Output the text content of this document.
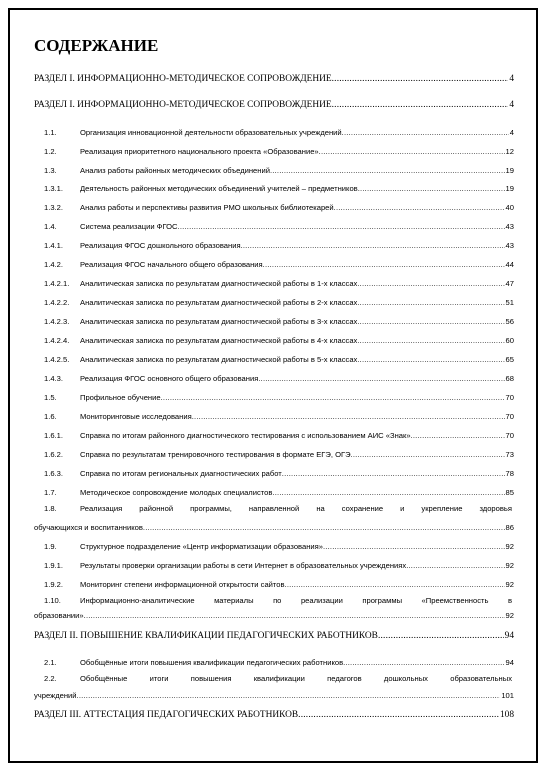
СОДЕРЖАНИЕ
РАЗДЕЛ I. ИНФОРМАЦИОННО-МЕТОДИЧЕСКОЕ СОПРОВОЖДЕНИЕ .....	4
РАЗДЕЛ I. ИНФОРМАЦИОННО-МЕТОДИЧЕСКОЕ СОПРОВОЖДЕНИЕ .....	4
1.1.	Организация инновационной деятельности образовательных учреждений .....	4
1.2.	Реализация приоритетного национального проекта «Образование» .....	12
1.3.	Анализ работы районных методических объединений .....	19
1.3.1.	Деятельность районных методических объединений учителей – предметников .....	19
1.3.2.	Анализ работы и перспективы развития РМО школьных библиотекарей .....	40
1.4.	Система реализации ФГОС .....	43
1.4.1.	Реализация ФГОС дошкольного образования .....	43
1.4.2.	Реализация ФГОС начального общего образования .....	44
1.4.2.1.	Аналитическая записка по результатам диагностической работы в 1-х классах .....	47
1.4.2.2.	Аналитическая записка по результатам диагностической работы в 2-х классах .....	51
1.4.2.3.	Аналитическая записка по результатам диагностической работы в 3-х классах .....	56
1.4.2.4.	Аналитическая записка по результатам диагностической работы в 4-х классах .....	60
1.4.2.5.	Аналитическая записка по результатам диагностической работы в 5-х классах .....	65
1.4.3.	Реализация ФГОС основного общего образования .....	68
1.5.	Профильное обучение .....	70
1.6.	Мониторинговые исследования .....	70
1.6.1.	Справка по итогам районного диагностического тестирования с использованием АИС «Знак» .....	70
1.6.2.	Справка по результатам тренировочного тестирования в формате ЕГЭ, ОГЭ .....	73
1.6.3.	Справка по итогам региональных диагностических работ .....	78
1.7.	Методическое сопровождение молодых специалистов .....	85
1.8.	Реализация районной программы, направленной на сохранение и укрепление здоровья
обучающихся и воспитанников .....	86
1.9.	Структурное подразделение «Центр информатизации образования» .....	92
1.9.1.	Результаты проверки организации работы в сети Интернет в образовательных учреждениях .....	92
1.9.2.	Мониторинг степени информационной открытости сайтов .....	92
1.10.	Информационно-аналитические материалы по реализации программы «Преемственность в
образовании» .....	92
РАЗДЕЛ II. ПОВЫШЕНИЕ КВАЛИФИКАЦИИ ПЕДАГОГИЧЕСКИХ РАБОТНИКОВ .....	94
2.1.	Обобщённые итоги повышения квалификации педагогических работников .....	94
2.2.	Обобщённые итоги повышения квалификации педагогов дошкольных образовательных
учреждений .....	101
РАЗДЕЛ III. АТТЕСТАЦИЯ ПЕДАГОГИЧЕСКИХ РАБОТНИКОВ .....	108
